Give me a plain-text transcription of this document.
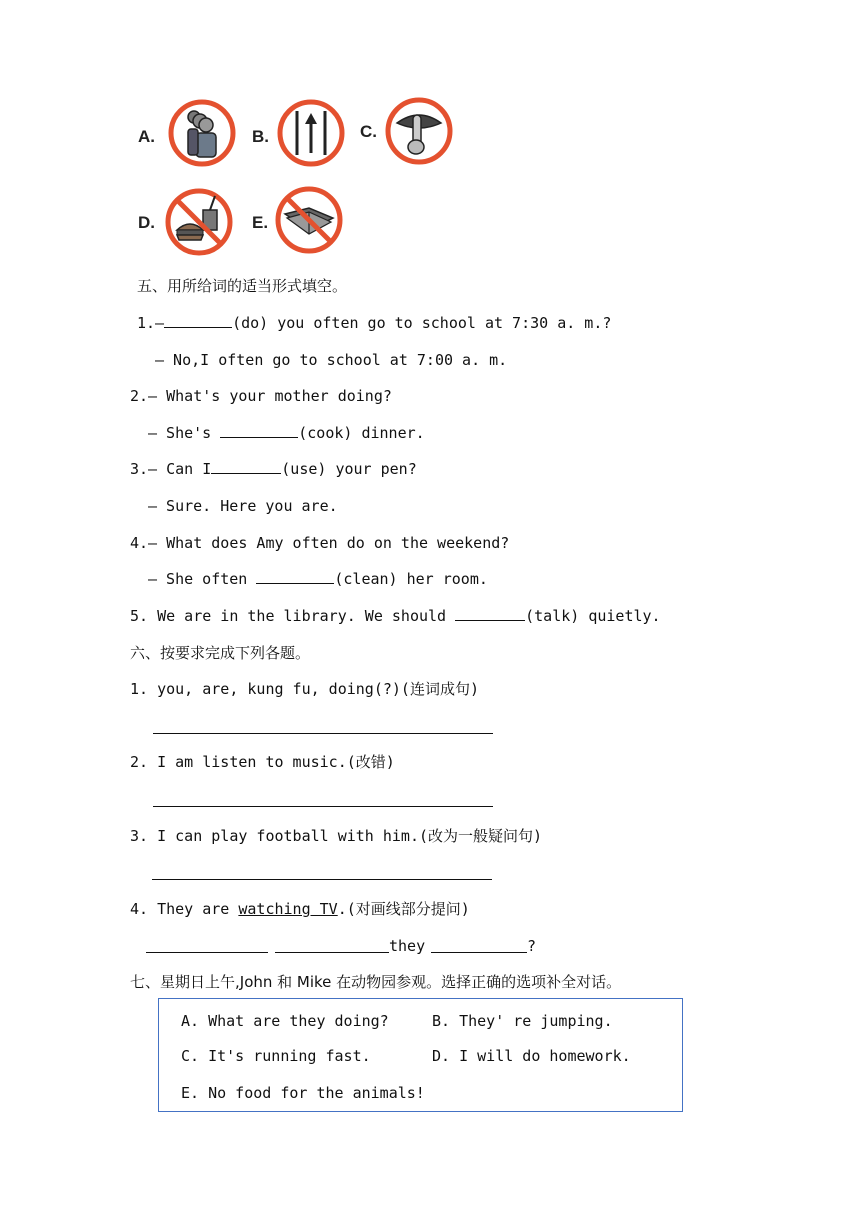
A.	B.	C.
D.	E.
五、用所给词的适当形式填空。
1.—	(do) you often go to school at 7:30 a. m.?
— No,I often go to school at 7:00 a. m.
2.— What's your mother doing?
— She's	(cook) dinner.
3.— Can I	(use) your pen?
— Sure. Here you are.
4.— What does Amy often do on the weekend?
— She often	(clean) her room.
5. We are in the library. We should	(talk) quietly.
六、按要求完成下列各题。
1. you, are, kung fu, doing(?)(连词成句)
2. I am listen to music.(改错)
3. I can play football with him.(改为一般疑问句)
4. They are watching TV.(对画线部分提问)
they	?
七、星期日上午,John 和 Mike 在动物园参观。选择正确的选项补全对话。
A. What are they doing?	B. They' re jumping.
C. It's running fast.	D. I will do homework.
E. No food for the animals!
